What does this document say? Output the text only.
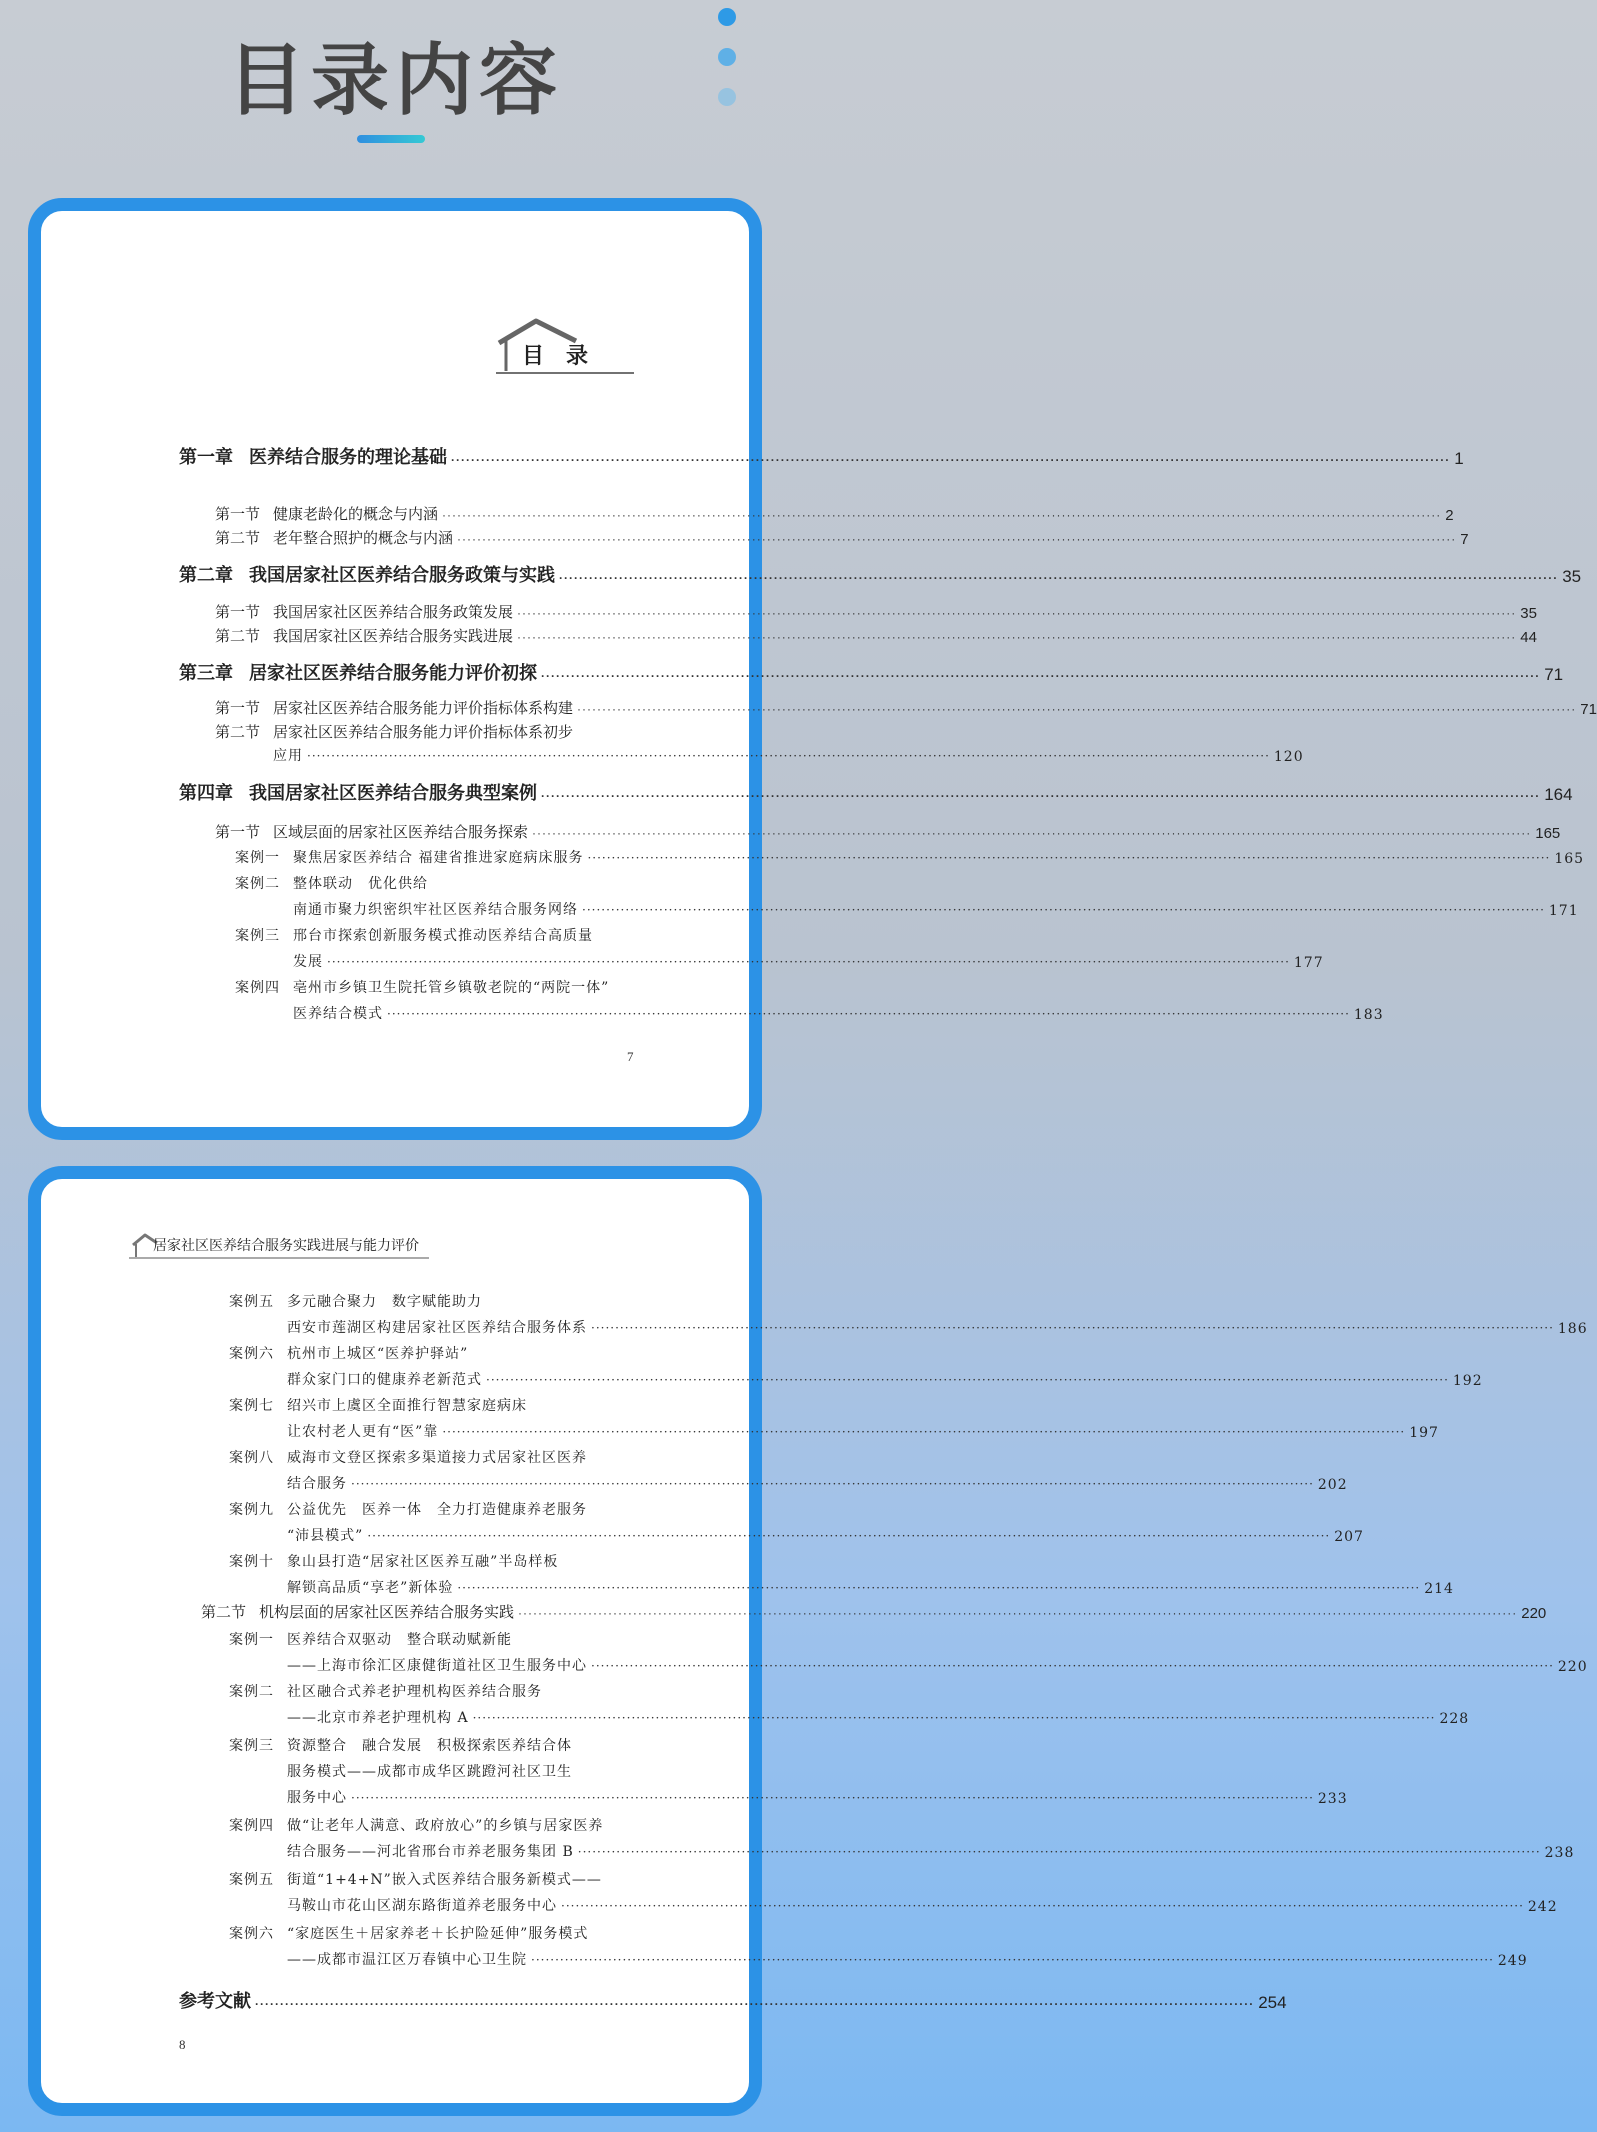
目录内容
目　录
第一章 医养结合服务的理论基础 ········································································································································································································ 1
第一节 健康老龄化的概念与内涵 ········································································································································································································ 2
第二节 老年整合照护的概念与内涵 ········································································································································································································ 7
第二章 我国居家社区医养结合服务政策与实践 ········································································································································································································ 35
第一节 我国居家社区医养结合服务政策发展 ········································································································································································································ 35
第二节 我国居家社区医养结合服务实践进展 ········································································································································································································ 44
第三章 居家社区医养结合服务能力评价初探 ········································································································································································································ 71
第一节 居家社区医养结合服务能力评价指标体系构建 ········································································································································································································ 71
第二节 居家社区医养结合服务能力评价指标体系初步
应用 ········································································································································································································ 120
第四章 我国居家社区医养结合服务典型案例 ········································································································································································································ 164
第一节 区域层面的居家社区医养结合服务探索 ········································································································································································································ 165
案例一 聚焦居家医养结合 福建省推进家庭病床服务 ········································································································································································································ 165
案例二 整体联动　优化供给
南通市聚力织密织牢社区医养结合服务网络 ········································································································································································································ 171
案例三 邢台市探索创新服务模式推动医养结合高质量
发展 ········································································································································································································ 177
案例四 亳州市乡镇卫生院托管乡镇敬老院的“两院一体”
医养结合模式 ········································································································································································································ 183
7
居家社区医养结合服务实践进展与能力评价
案例五 多元融合聚力　数字赋能助力
西安市莲湖区构建居家社区医养结合服务体系 ········································································································································································································ 186
案例六 杭州市上城区“医养护驿站”
群众家门口的健康养老新范式 ········································································································································································································ 192
案例七 绍兴市上虞区全面推行智慧家庭病床
让农村老人更有“医”靠 ········································································································································································································ 197
案例八 威海市文登区探索多渠道接力式居家社区医养
结合服务 ········································································································································································································ 202
案例九 公益优先　医养一体　全力打造健康养老服务
“沛县模式” ········································································································································································································ 207
案例十 象山县打造“居家社区医养互融”半岛样板
解锁高品质“享老”新体验 ········································································································································································································ 214
第二节 机构层面的居家社区医养结合服务实践 ········································································································································································································ 220
案例一 医养结合双驱动　整合联动赋新能
——上海市徐汇区康健街道社区卫生服务中心 ········································································································································································································ 220
案例二 社区融合式养老护理机构医养结合服务
——北京市养老护理机构 A ········································································································································································································ 228
案例三 资源整合　融合发展　积极探索医养结合体
服务模式——成都市成华区跳蹬河社区卫生
服务中心 ········································································································································································································ 233
案例四 做“让老年人满意、政府放心”的乡镇与居家医养
结合服务——河北省邢台市养老服务集团 B ········································································································································································································ 238
案例五 街道“1+4+N”嵌入式医养结合服务新模式——
马鞍山市花山区湖东路街道养老服务中心 ········································································································································································································ 242
案例六 “家庭医生＋居家养老＋长护险延伸”服务模式
——成都市温江区万春镇中心卫生院 ········································································································································································································ 249
参考文献 ········································································································································································································ 254
8
